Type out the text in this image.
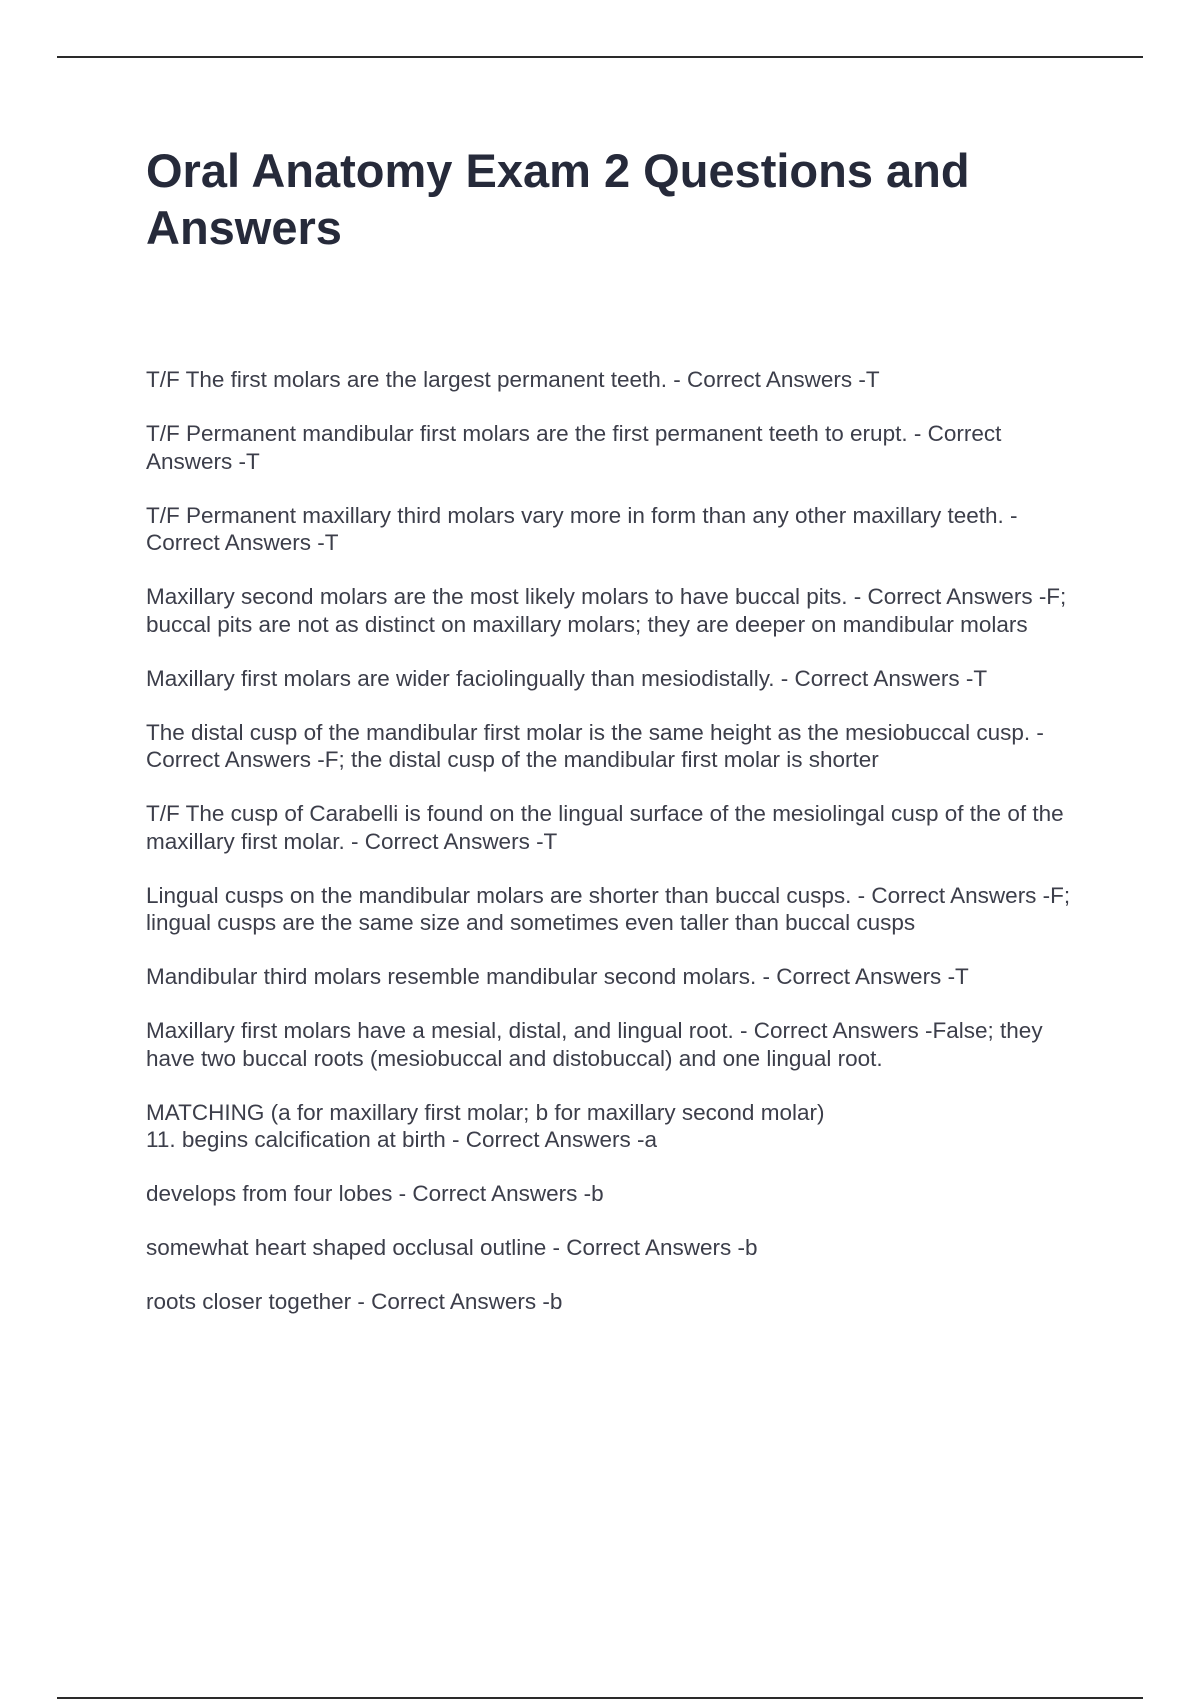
Oral Anatomy Exam 2 Questions and Answers

T/F The first molars are the largest permanent teeth. - Correct Answers -T

T/F Permanent mandibular first molars are the first permanent teeth to erupt. - Correct Answers -T

T/F Permanent maxillary third molars vary more in form than any other maxillary teeth. - Correct Answers -T

Maxillary second molars are the most likely molars to have buccal pits. - Correct Answers -F; buccal pits are not as distinct on maxillary molars; they are deeper on mandibular molars

Maxillary first molars are wider faciolingually than mesiodistally. - Correct Answers -T

The distal cusp of the mandibular first molar is the same height as the mesiobuccal cusp. - Correct Answers -F; the distal cusp of the mandibular first molar is shorter

T/F The cusp of Carabelli is found on the lingual surface of the mesiolingal cusp of the of the maxillary first molar. - Correct Answers -T

Lingual cusps on the mandibular molars are shorter than buccal cusps. - Correct Answers -F; lingual cusps are the same size and sometimes even taller than buccal cusps

Mandibular third molars resemble mandibular second molars. - Correct Answers -T

Maxillary first molars have a mesial, distal, and lingual root. - Correct Answers -False; they have two buccal roots (mesiobuccal and distobuccal) and one lingual root.

MATCHING (a for maxillary first molar; b for maxillary second molar)
11. begins calcification at birth - Correct Answers -a

develops from four lobes - Correct Answers -b

somewhat heart shaped occlusal outline - Correct Answers -b

roots closer together - Correct Answers -b
